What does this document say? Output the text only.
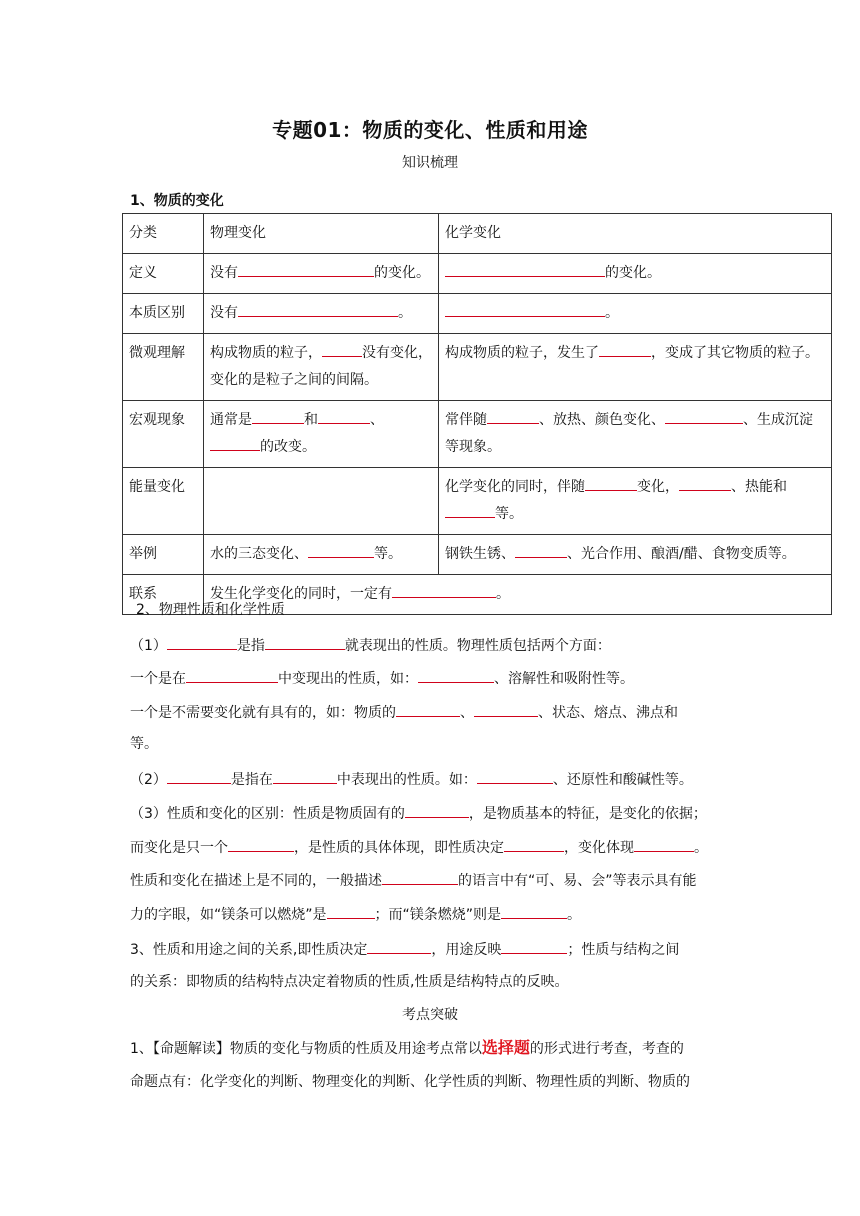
专题01：物质的变化、性质和用途
知识梳理
1、物质的变化
分类	物理变化	化学变化
定义	没有 的变化。	的变化。
本质区别	没有 。	。
微观理解	构成物质的粒子， 没有变化，变化的是粒子之间的间隔。	构成物质的粒子，发生了 ，变成了其它物质的粒子。
宏观现象	通常是 和 、的改变。	常伴随 、放热、颜色变化、 、生成沉淀等现象。
能量变化		化学变化的同时，伴随 变化， 、热能和等。
举例	水的三态变化、 等。	钢铁生锈、 、光合作用、酿酒/醋、食物变质等。
联系	发生化学变化的同时，一定有 。	
2、物理性质和化学性质
（1）	是指	就表现出的性质。物理性质包括两个方面：
一个是在	中变现出的性质，如：	、溶解性和吸附性等。
一个是不需要变化就有具有的，如：物质的	、	、状态、熔点、沸点和
等。
（2）	是指在	中表现出的性质。如：	、还原性和酸碱性等。
（3）性质和变化的区别：性质是物质固有的	，是物质基本的特征，是变化的依据；
而变化是只一个	，是性质的具体体现，即性质决定	，变化体现	。
性质和变化在描述上是不同的，一般描述	的语言中有“可、易、会”等表示具有能
力的字眼，如“镁条可以燃烧”是	；而“镁条燃烧”则是	。
3、性质和用途之间的关系,即性质决定	，用途反映	；性质与结构之间
的关系：即物质的结构特点决定着物质的性质,性质是结构特点的反映。
考点突破
1、【命题解读】物质的变化与物质的性质及用途考点常以选择题的形式进行考查，考查的
命题点有：化学变化的判断、物理变化的判断、化学性质的判断、物理性质的判断、物质的
